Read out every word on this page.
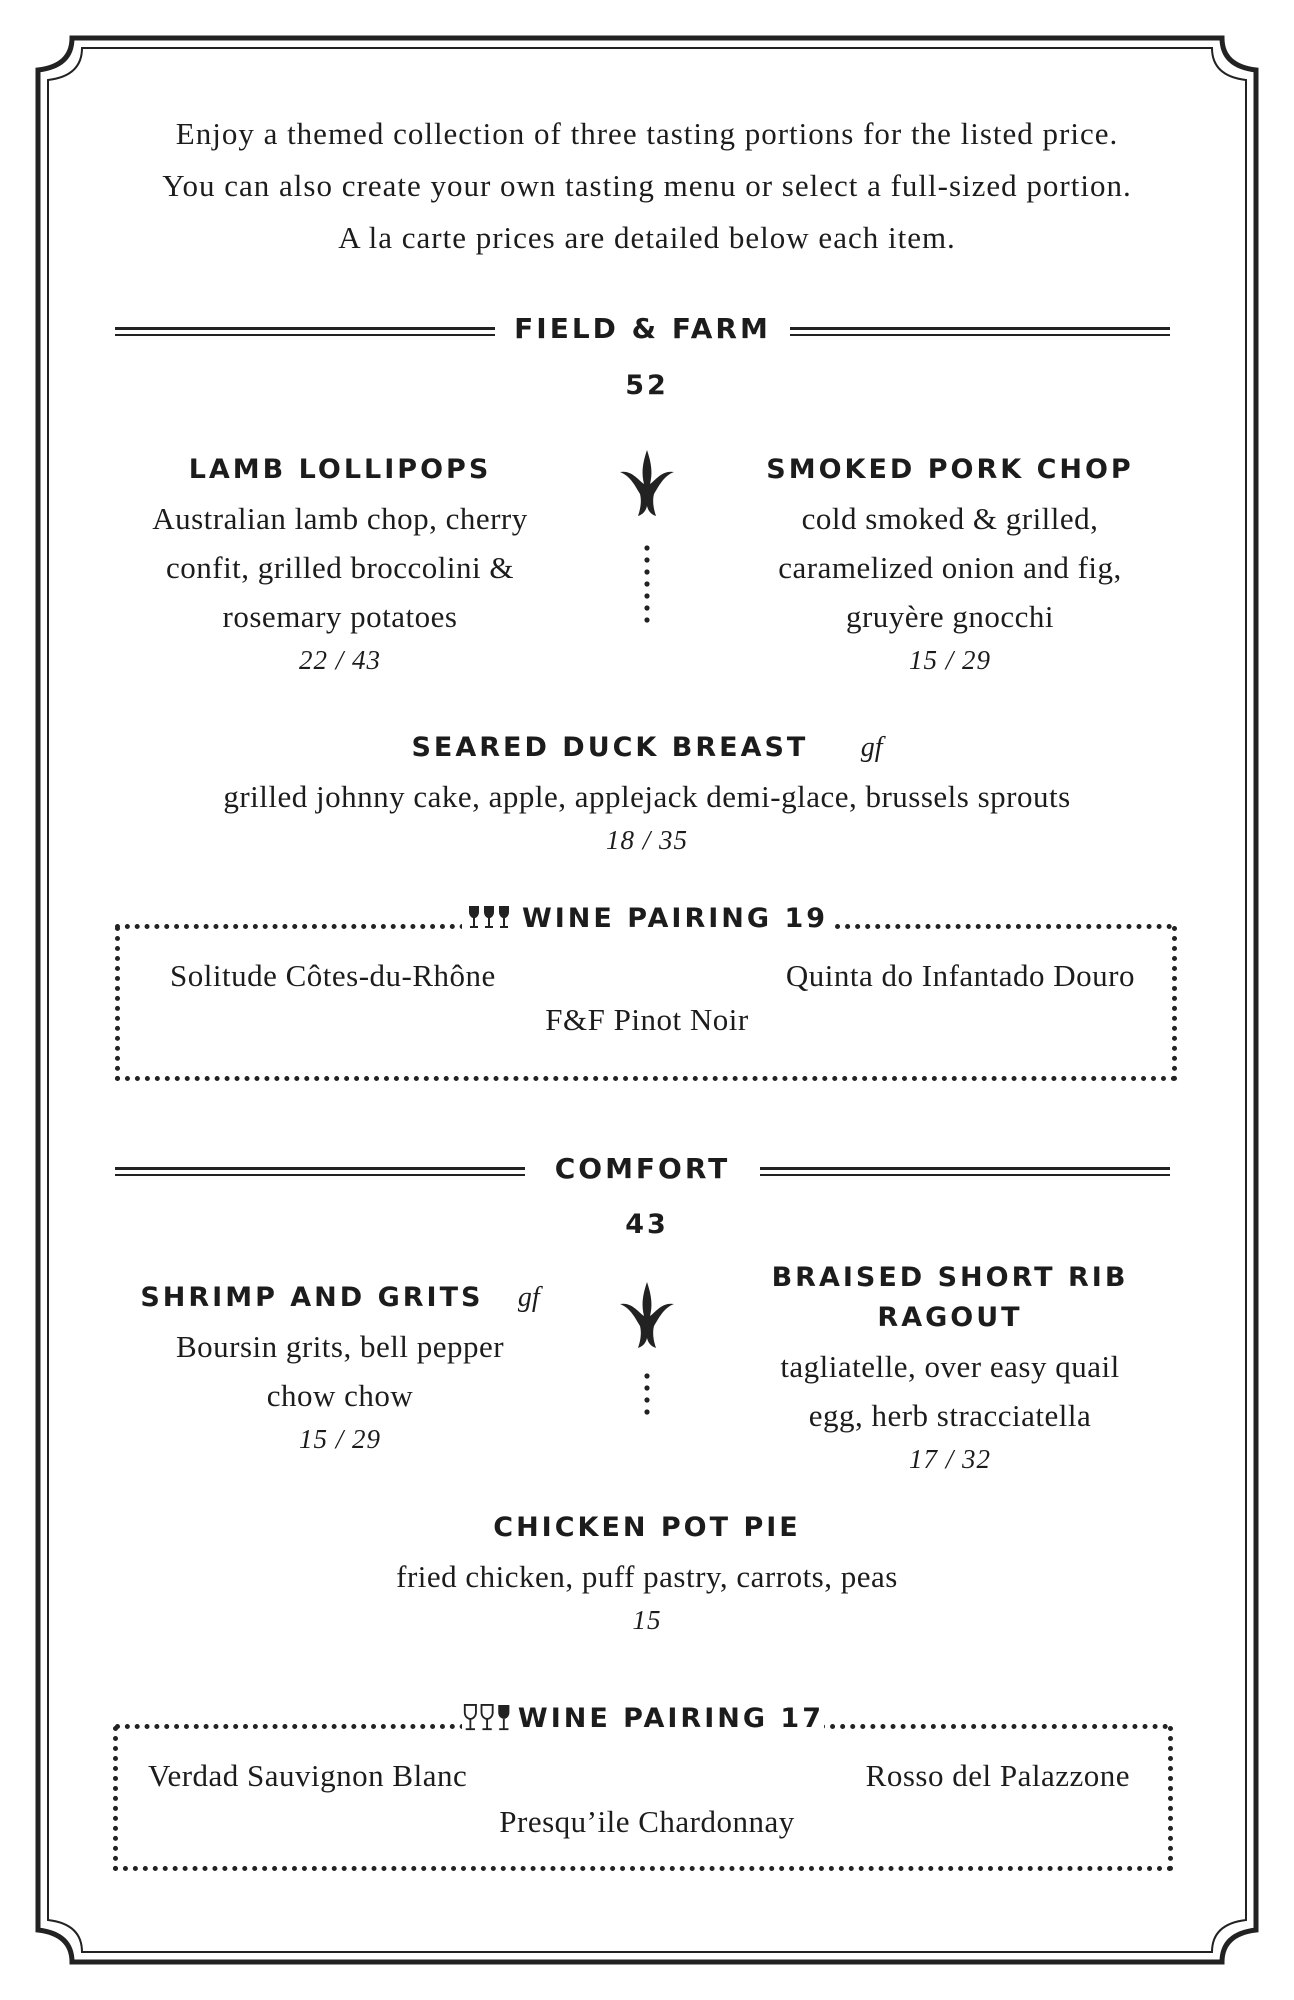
Enjoy a themed collection of three tasting portions for the listed price.
You can also create your own tasting menu or select a full-sized portion.
A la carte prices are detailed below each item.
FIELD & FARM
52
LAMB LOLLIPOPS
Australian lamb chop, cherry
confit, grilled broccolini &
rosemary potatoes
22 / 43
SMOKED PORK CHOP
cold smoked & grilled,
caramelized onion and fig,
gruyère gnocchi
15 / 29
SEARED DUCK BREAST gf
grilled johnny cake, apple, applejack demi-glace, brussels sprouts
18 / 35
WINE PAIRING 19
Solitude Côtes-du-Rhône	Quinta do Infantado Douro
F&F Pinot Noir
COMFORT
43
SHRIMP AND GRITS gf
Boursin grits, bell pepper
chow chow
15 / 29
BRAISED SHORT RIB
RAGOUT
tagliatelle, over easy quail
egg, herb stracciatella
17 / 32
CHICKEN POT PIE
fried chicken, puff pastry, carrots, peas
15
WINE PAIRING 17
Verdad Sauvignon Blanc	Rosso del Palazzone
Presqu’ile Chardonnay
